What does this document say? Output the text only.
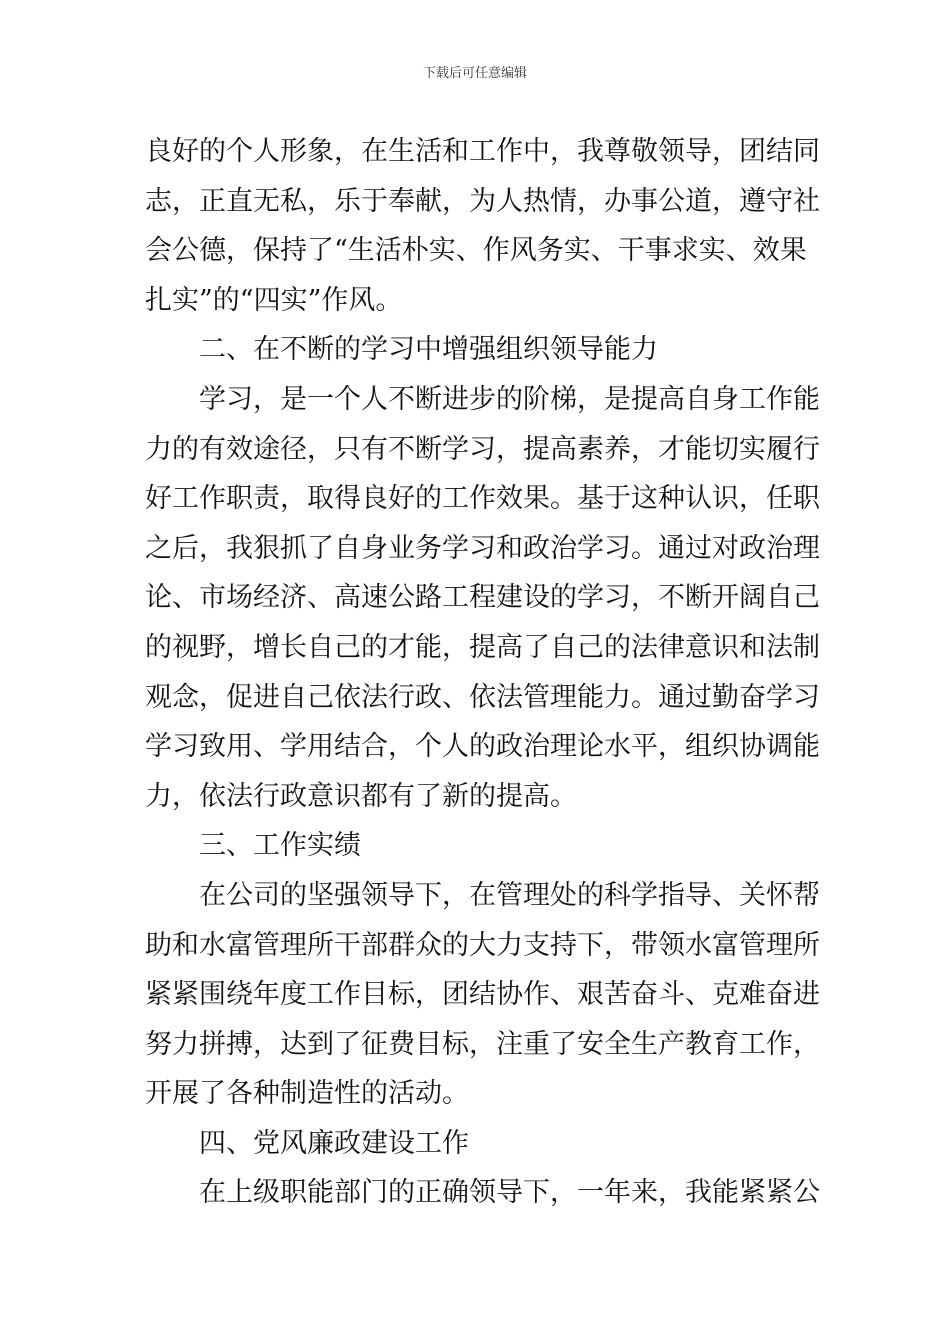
下载后可任意编辑
良好的个人形象，在生活和工作中，我尊敬领导，团结同
志，正直无私，乐于奉献，为人热情，办事公道，遵守社
会公德，保持了“生活朴实、作风务实、干事求实、效果
扎实”的“四实”作风。
二、在不断的学习中增强组织领导能力
学习，是一个人不断进步的阶梯，是提高自身工作能
力的有效途径，只有不断学习，提高素养，才能切实履行
好工作职责，取得良好的工作效果。基于这种认识，任职
之后，我狠抓了自身业务学习和政治学习。通过对政治理
论、市场经济、高速公路工程建设的学习，不断开阔自己
的视野，增长自己的才能，提高了自己的法律意识和法制
观念，促进自己依法行政、依法管理能力。通过勤奋学习
学习致用、学用结合，个人的政治理论水平，组织协调能
力，依法行政意识都有了新的提高。
三、工作实绩
在公司的坚强领导下，在管理处的科学指导、关怀帮
助和水富管理所干部群众的大力支持下，带领水富管理所
紧紧围绕年度工作目标，团结协作、艰苦奋斗、克难奋进
努力拼搏，达到了征费目标，注重了安全生产教育工作，
开展了各种制造性的活动。
四、党风廉政建设工作
在上级职能部门的正确领导下，一年来，我能紧紧公
